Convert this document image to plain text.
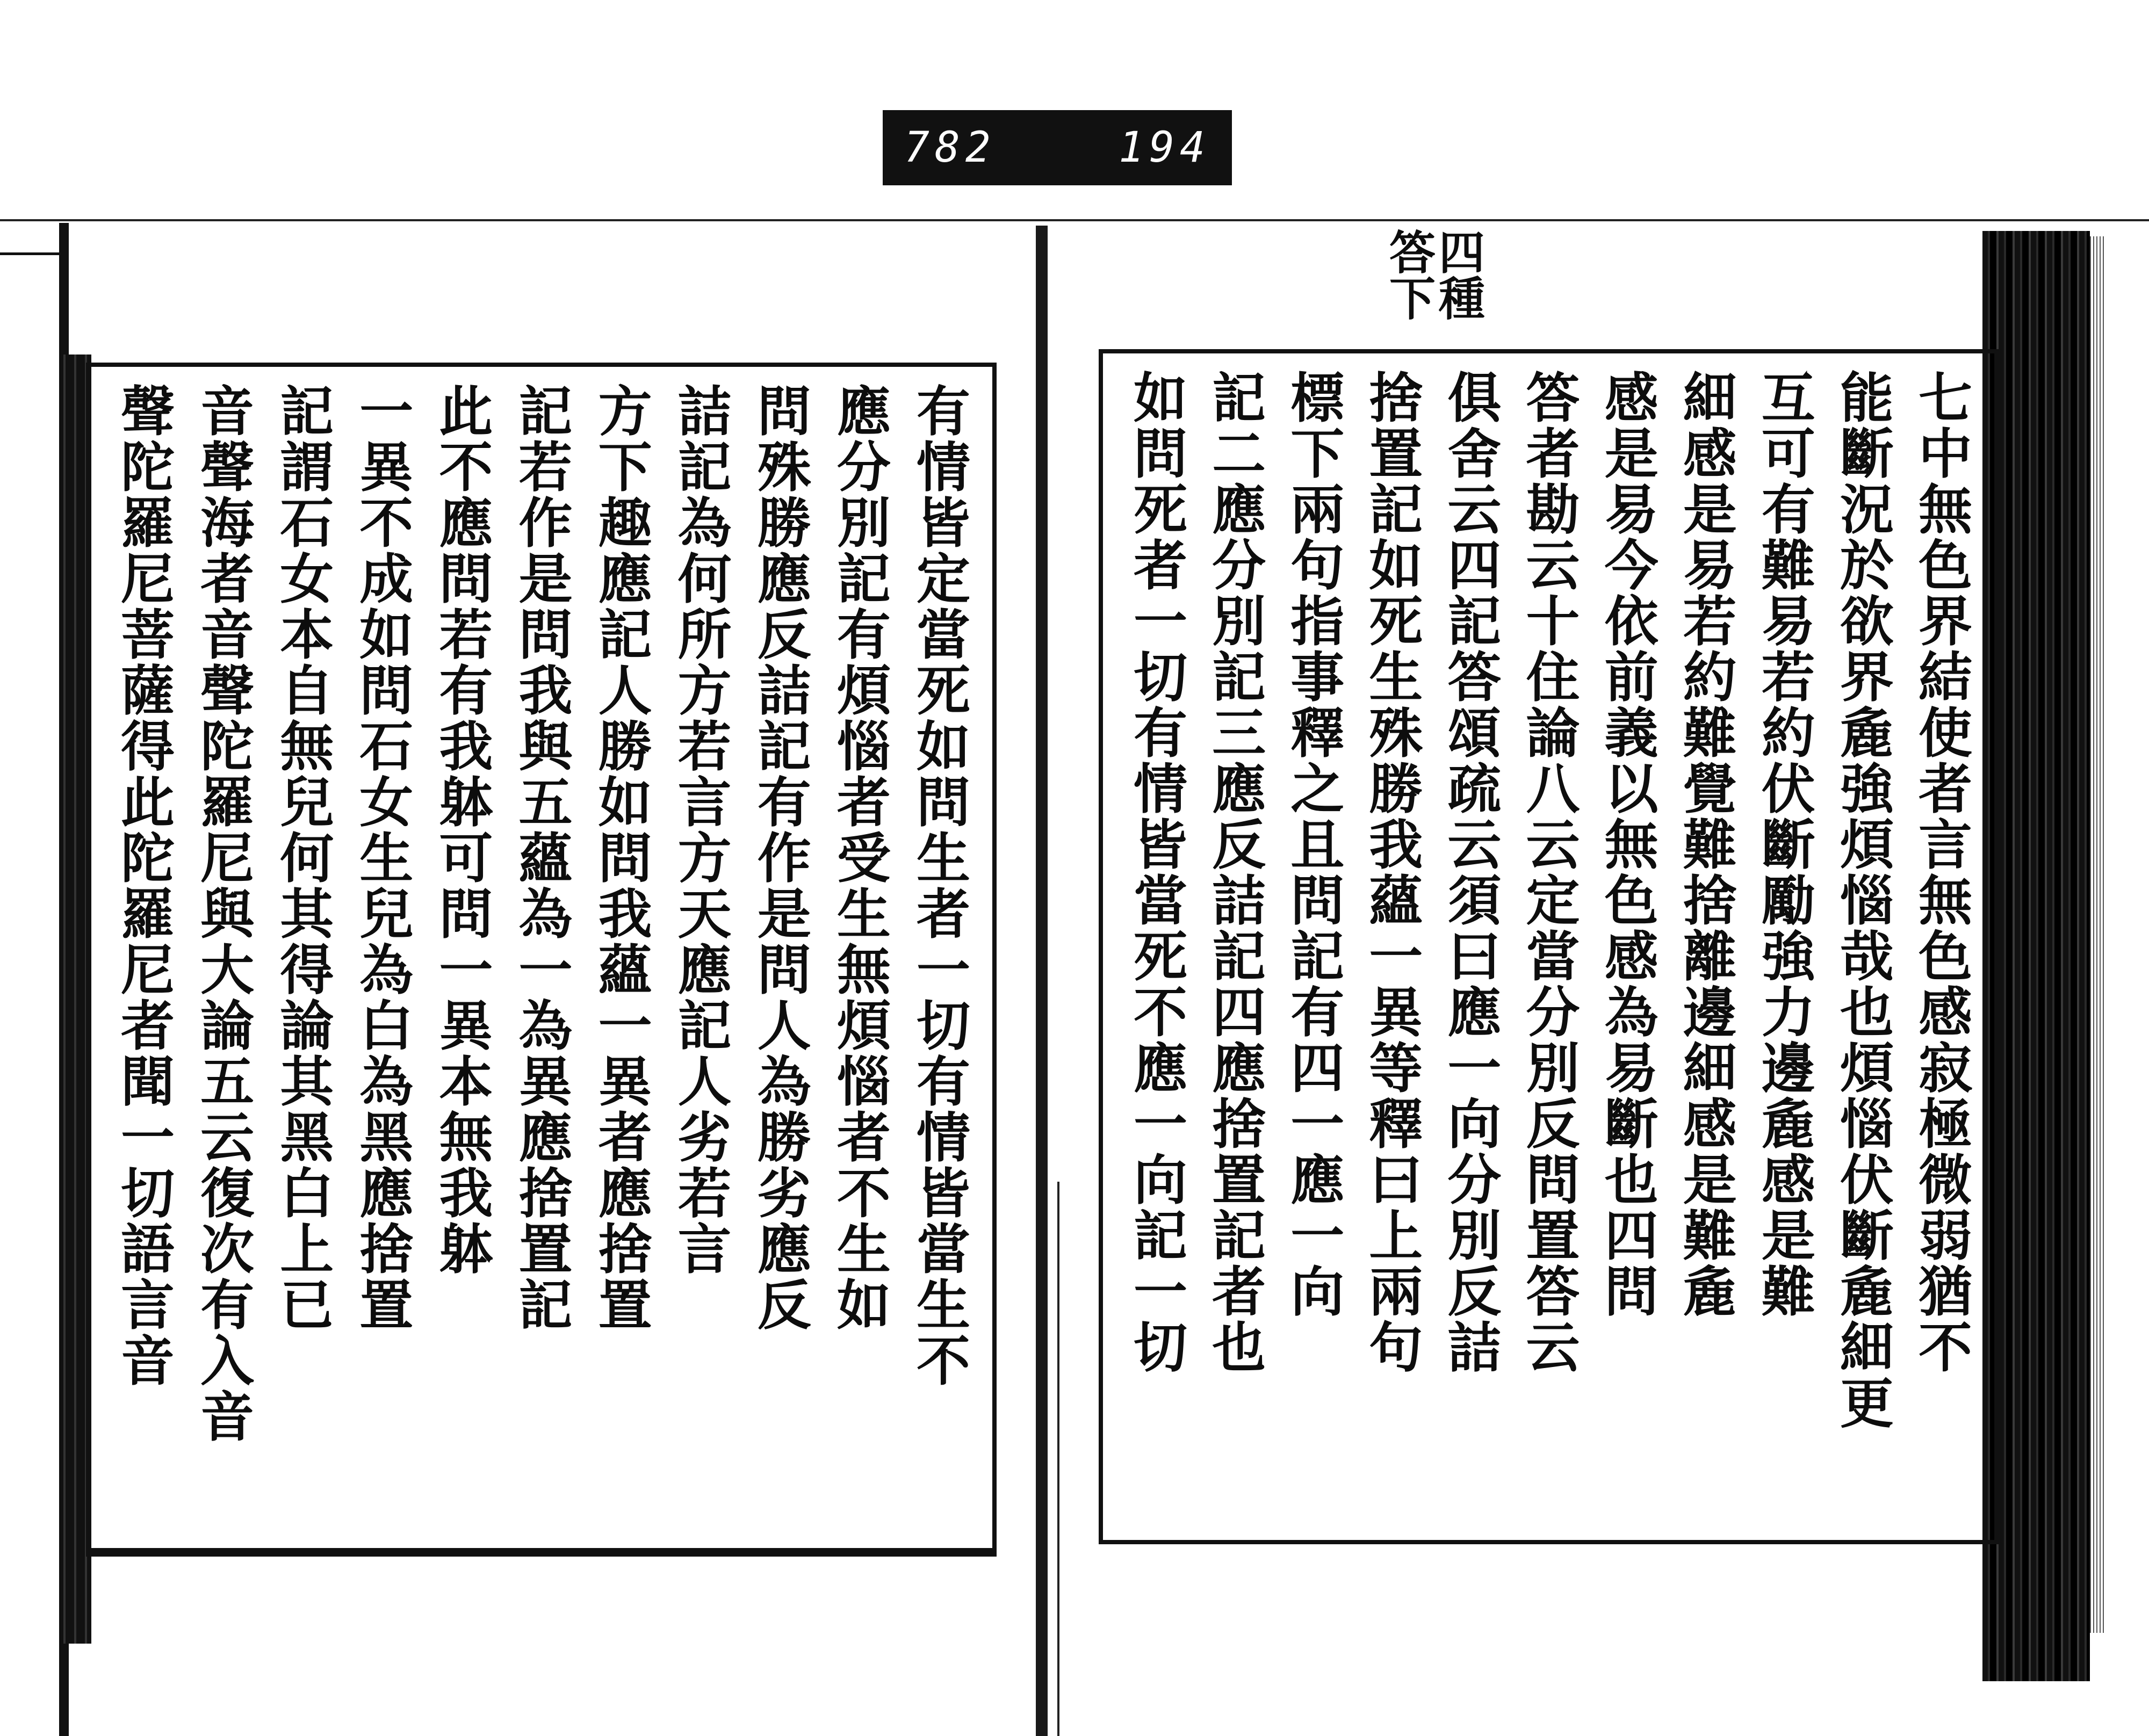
782	194
四種答下
有情皆定當死如問生者一切有情皆當生不
應分別記有煩惱者受生無煩惱者不生如
問殊勝應反詰記有作是問人為勝劣應反
詰記為何所方若言方天應記人劣若言
方下趣應記人勝如問我蘊一異者應捨置
記若作是問我與五蘊為一為異應捨置記
此不應問若有我躰可問一異本無我躰
一異不成如問石女生兒為白為黑應捨置
記謂石女本自無兒何其得論其黑白上已
音聲海者音聲陀羅尼與大論五云復次有入音
聲陀羅尼菩薩得此陀羅尼者聞一切語言音	七中無色界結使者言無色感寂極微弱猶不
能斷況於欲界麁強煩惱哉也煩惱伏斷麁細更
互可有難易若約伏斷勵強力邊麁感是難
細感是易若約難覺難捨離邊細感是難麁
感是易今依前義以無色感為易斷也四問
答者勘云十住論八云定當分別反問置答云
俱舍云四記答頌疏云須曰應一向分別反詰
捨置記如死生殊勝我蘊一異等釋曰上兩句
標下兩句指事釋之且問記有四一應一向
記二應分別記三應反詰記四應捨置記者也
如問死者一切有情皆當死不應一向記一切
